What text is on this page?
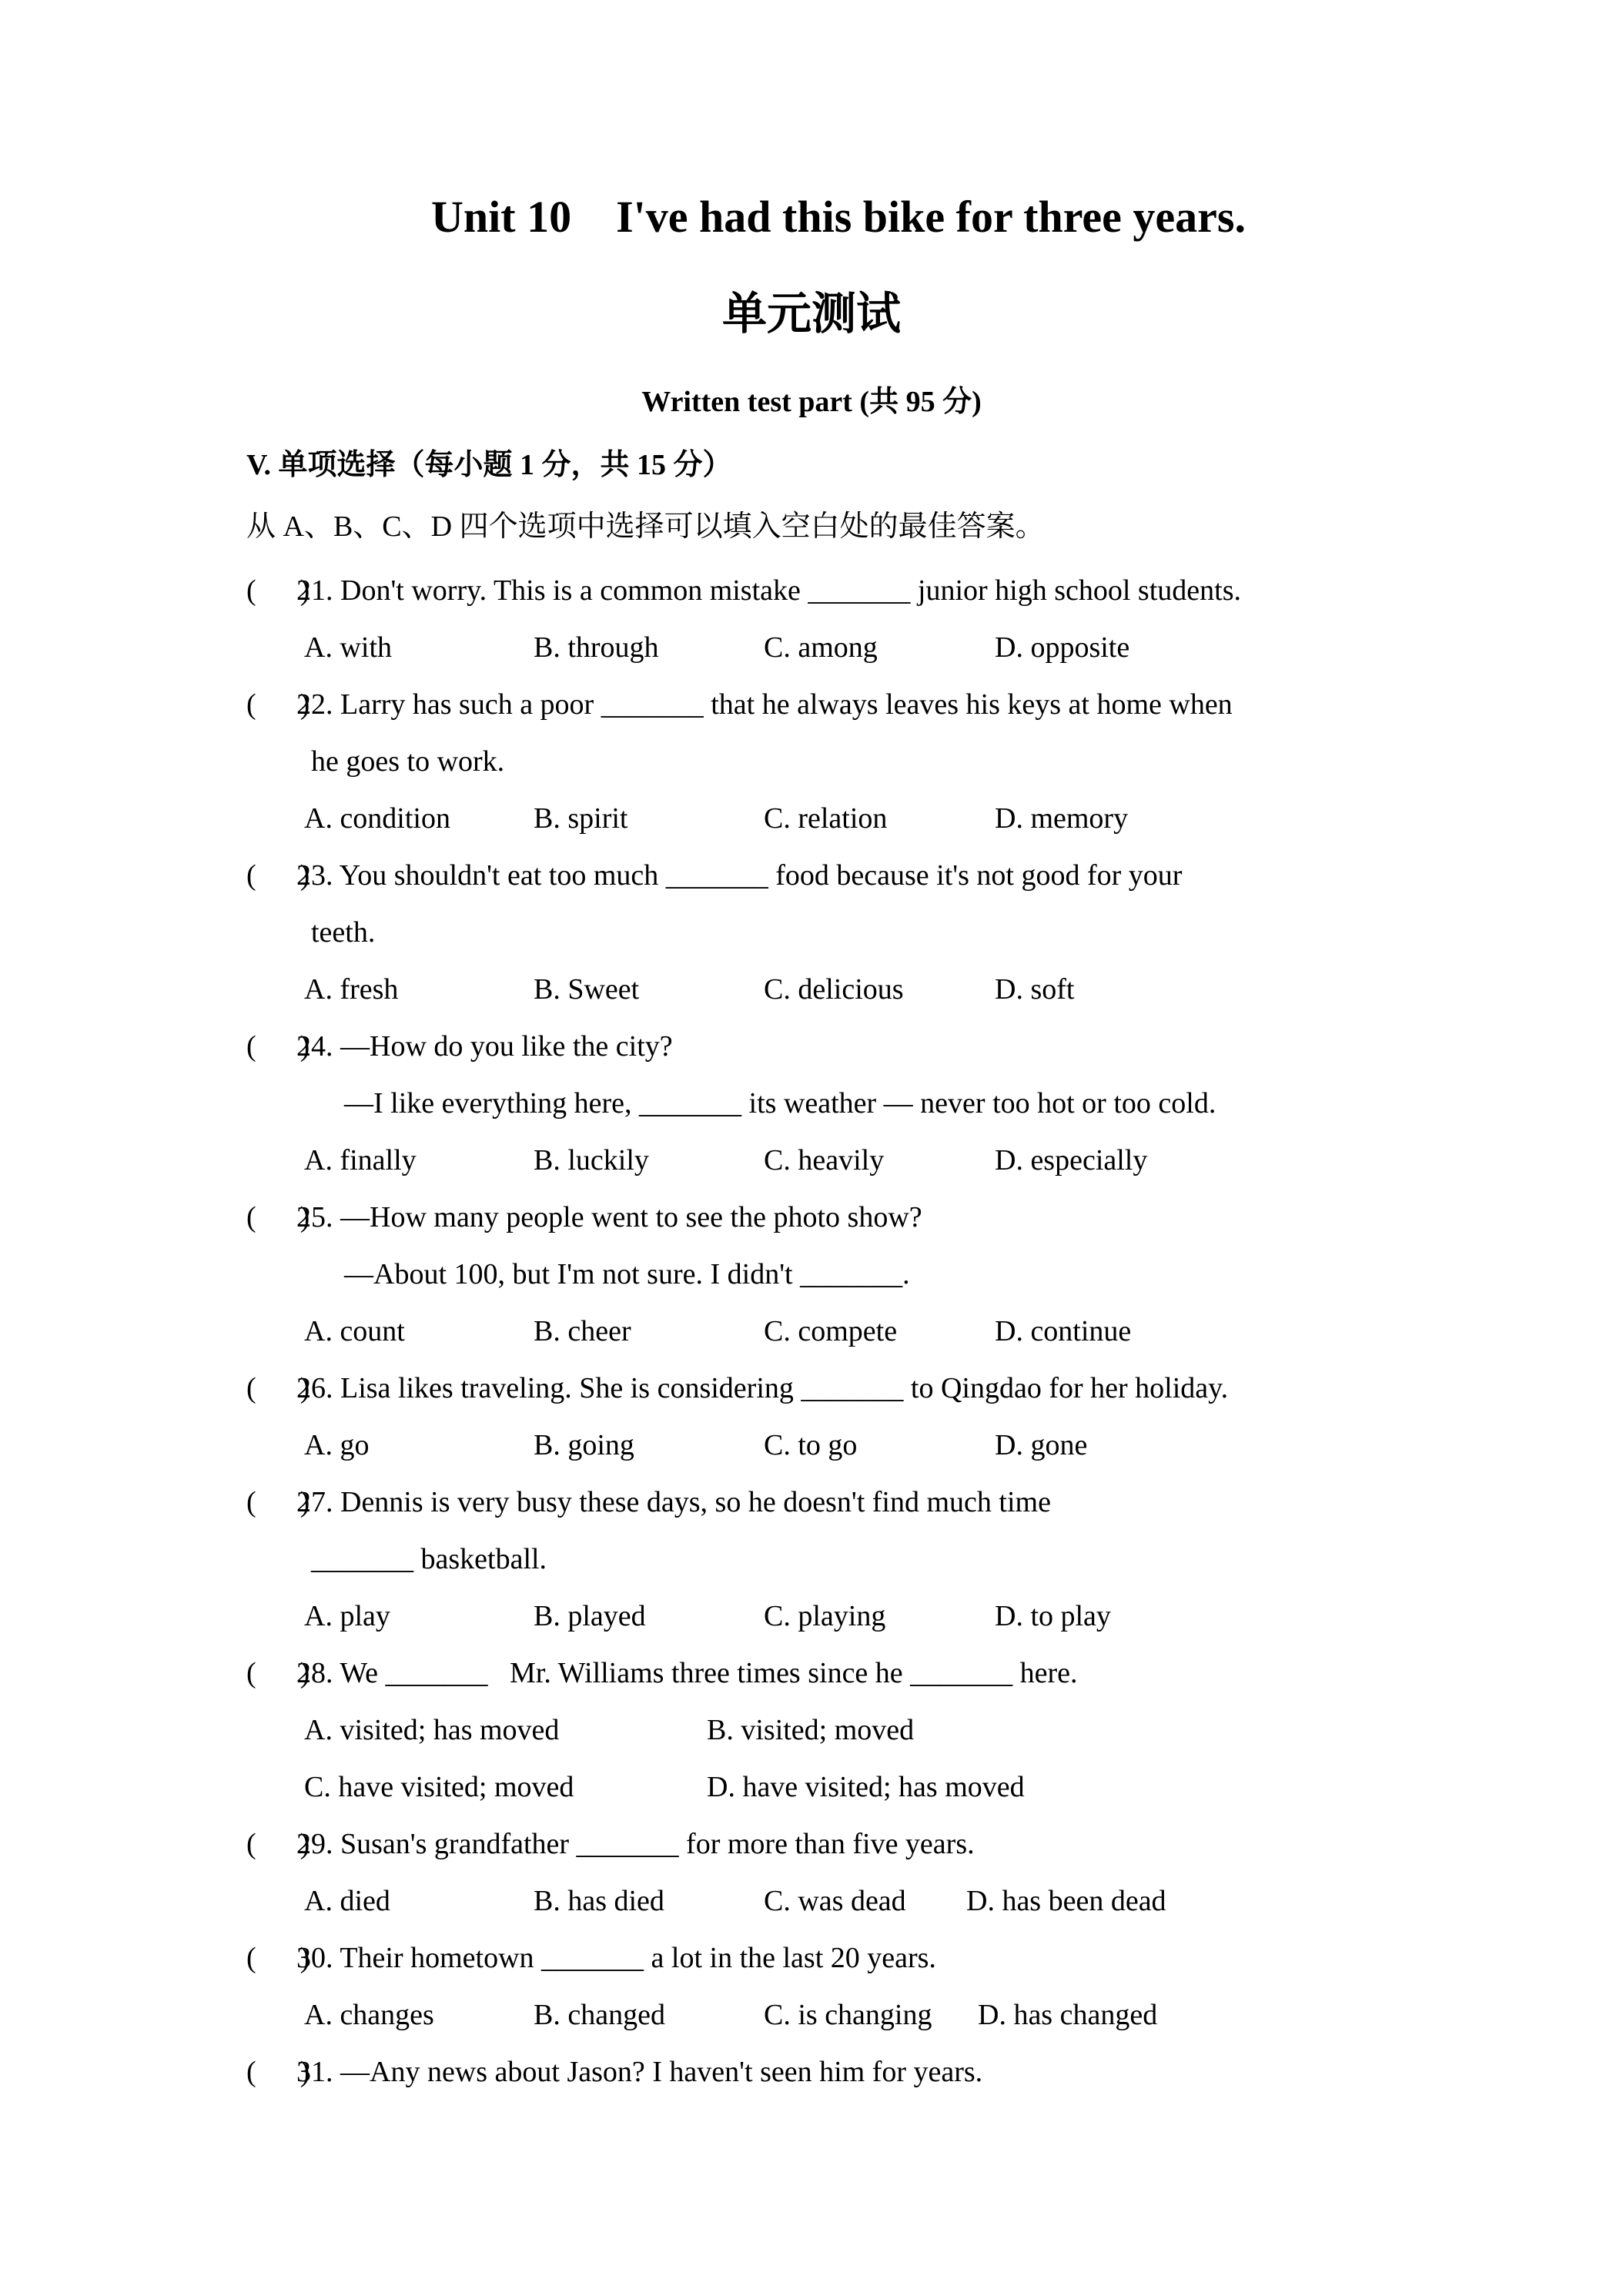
Unit 10    I've had this bike for three years.
单元测试
Written test part (共 95 分)
V. 单项选择（每小题 1 分，共 15 分）
从 A、B、C、D 四个选项中选择可以填入空白处的最佳答案。
(      )
21. Don't worry. This is a common mistake _______ junior high school students.
A. with	B. through	C. among	D. opposite
(      )
22. Larry has such a poor _______ that he always leaves his keys at home when
he goes to work.
A. condition	B. spirit	C. relation	D. memory
(      )
23. You shouldn't eat too much _______ food because it's not good for your
teeth.
A. fresh	B. Sweet	C. delicious	D. soft
(      )
24. —How do you like the city?
—I like everything here, _______ its weather — never too hot or too cold.
A. finally	B. luckily	C. heavily	D. especially
(      )
25. —How many people went to see the photo show?
—About 100, but I'm not sure. I didn't _______.
A. count	B. cheer	C. compete	D. continue
(      )
26. Lisa likes traveling. She is considering _______ to Qingdao for her holiday.
A. go	B. going	C. to go	D. gone
(      )
27. Dennis is very busy these days, so he doesn't find much time
_______ basketball.
A. play	B. played	C. playing	D. to play
(      )
28. We _______   Mr. Williams three times since he _______ here.
A. visited; has moved	B. visited; moved
C. have visited; moved	D. have visited; has moved
(      )
29. Susan's grandfather _______ for more than five years.
A. died	B. has died	C. was dead D. has been dead
(      )
30. Their hometown _______ a lot in the last 20 years.
A. changes	B. changed	C. is changing D. has changed
(      )
31. —Any news about Jason? I haven't seen him for years.
